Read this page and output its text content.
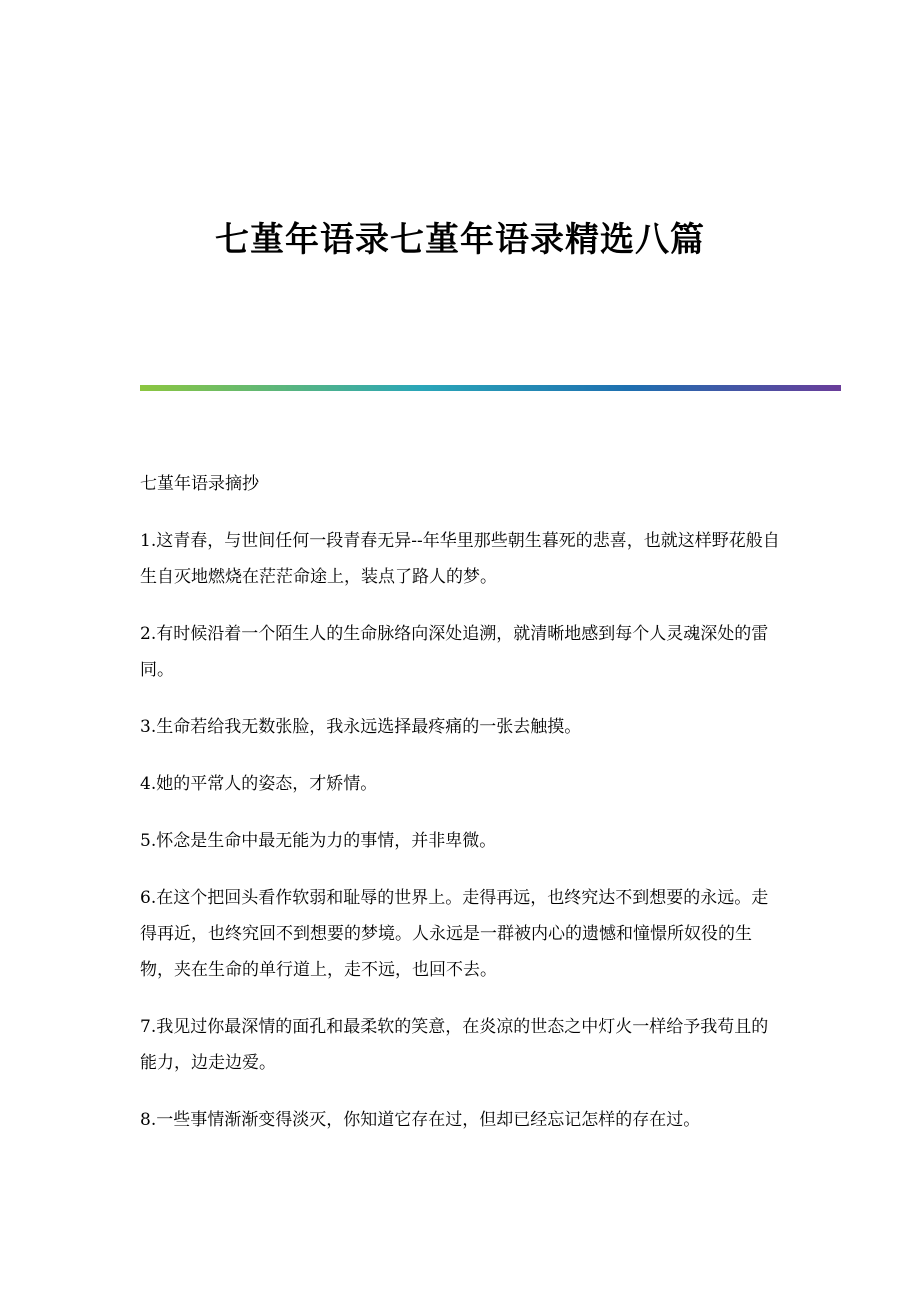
七堇年语录七堇年语录精选八篇

七堇年语录摘抄

1.这青春，与世间任何一段青春无异--年华里那些朝生暮死的悲喜，也就这样野花般自生自灭地燃烧在茫茫命途上，装点了路人的梦。

2.有时候沿着一个陌生人的生命脉络向深处追溯，就清晰地感到每个人灵魂深处的雷同。

3.生命若给我无数张脸，我永远选择最疼痛的一张去触摸。

4.她的平常人的姿态，才矫情。

5.怀念是生命中最无能为力的事情，并非卑微。

6.在这个把回头看作软弱和耻辱的世界上。走得再远，也终究达不到想要的永远。走得再近，也终究回不到想要的梦境。人永远是一群被内心的遗憾和憧憬所奴役的生物，夹在生命的单行道上，走不远，也回不去。

7.我见过你最深情的面孔和最柔软的笑意，在炎凉的世态之中灯火一样给予我苟且的能力，边走边爱。

8.一些事情渐渐变得淡灭，你知道它存在过，但却已经忘记怎样的存在过。
